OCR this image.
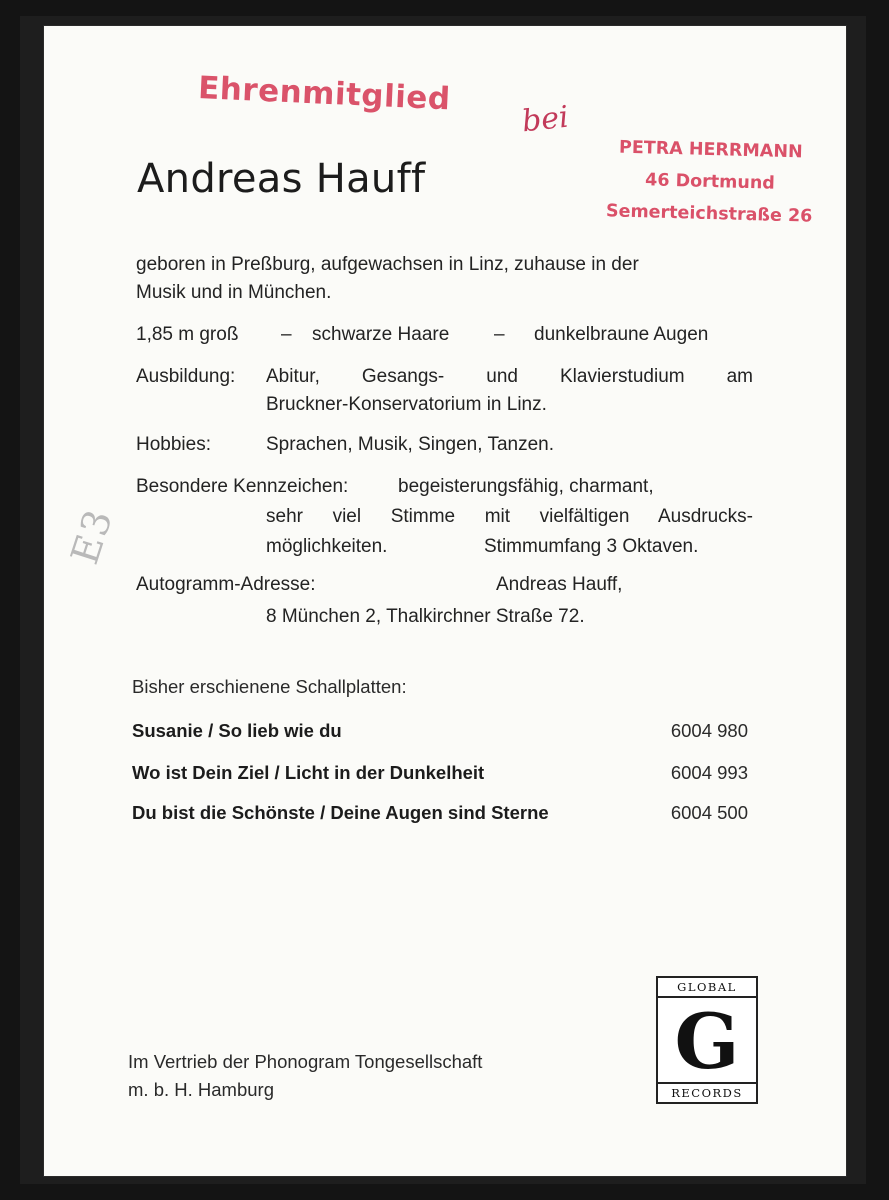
Ehrenmitglied
bei
PETRA HERRMANN
46 Dortmund
Semerteichstraße 26
Andreas Hauff
geboren in Preßburg, aufgewachsen in Linz, zuhause in der
Musik und in München.
1,85 m groß – schwarze Haare – dunkelbraune Augen
Ausbildung: Abitur, Gesangs- und Klavierstudium am
Bruckner-Konservatorium in Linz.
Hobbies:	Sprachen, Musik, Singen, Tanzen.
Besondere Kennzeichen:	begeisterungsfähig, charmant,
sehr viel Stimme mit vielfältigen Ausdrucks-
möglichkeiten.	Stimmumfang 3 Oktaven.
Autogramm-Adresse:	Andreas Hauff,
8 München 2, Thalkirchner Straße 72.
E3
Bisher erschienene Schallplatten:
Susanie / So lieb wie du	6004 980
Wo ist Dein Ziel / Licht in der Dunkelheit	6004 993
Du bist die Schönste / Deine Augen sind Sterne	6004 500
Im Vertrieb der Phonogram Tongesellschaft
m. b. H. Hamburg
GLOBAL
G
RECORDS
